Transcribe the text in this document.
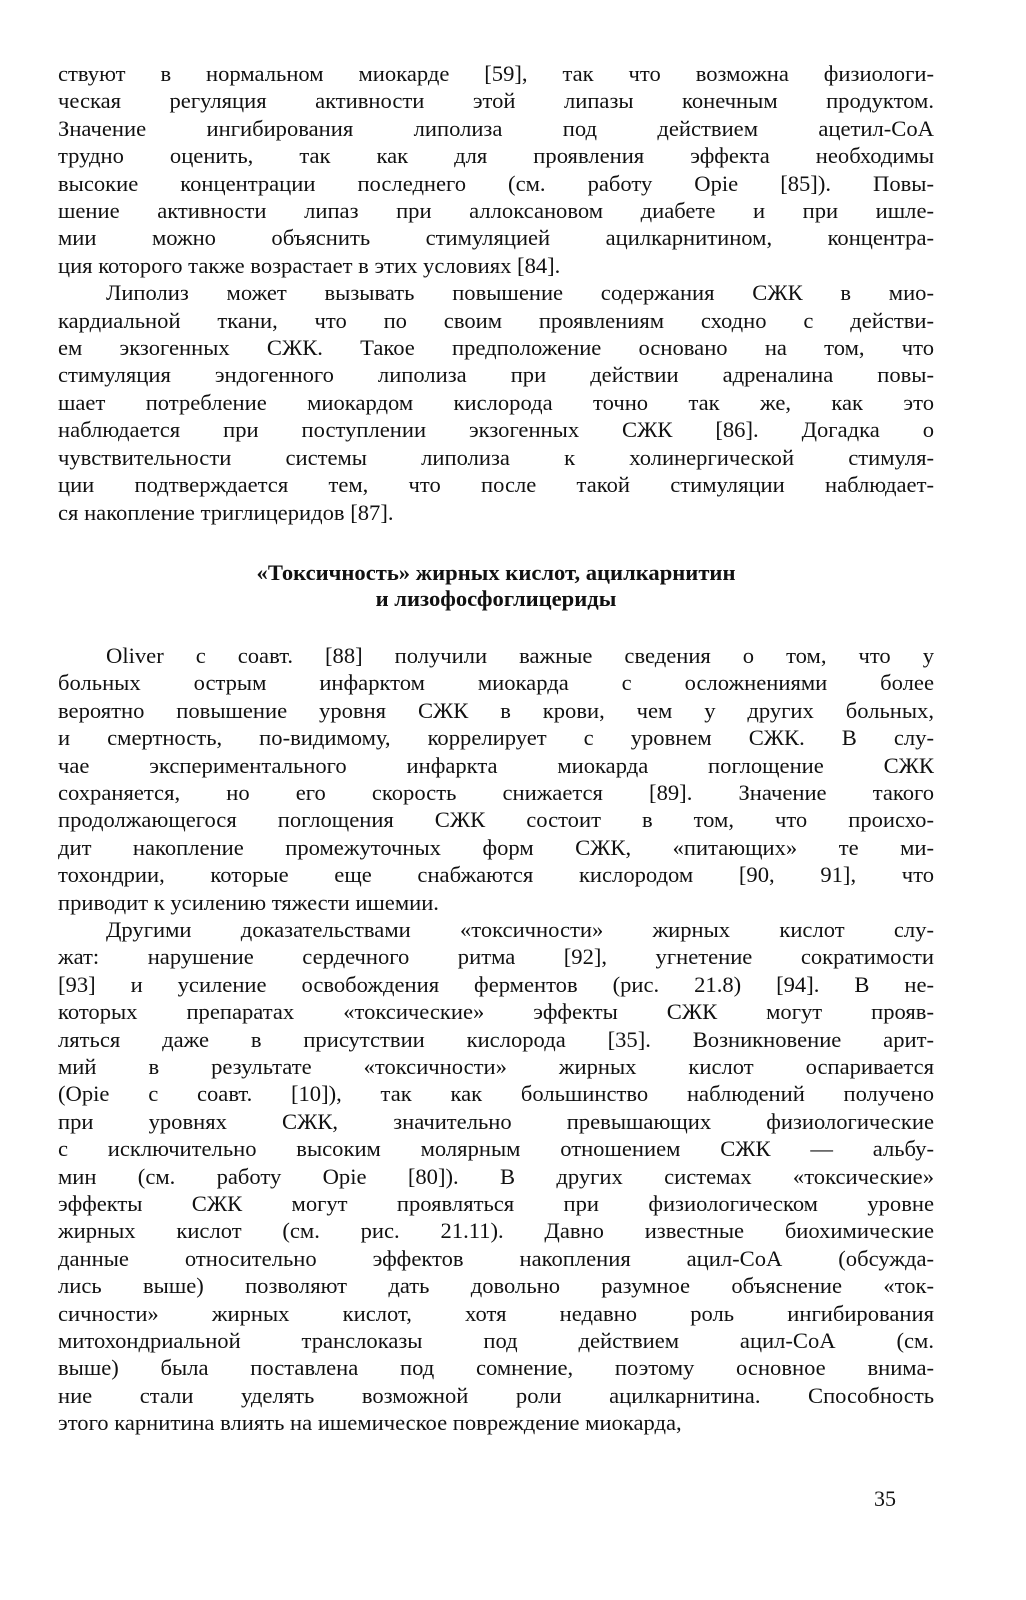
ствуют в нормальном миокарде [59], так что возможна физиологи-
ческая регуляция активности этой липазы конечным продуктом.
Значение ингибирования липолиза под действием ацетил-СоА
трудно оценить, так как для проявления эффекта необходимы
высокие концентрации последнего (см. работу Opie [85]). Повы-
шение активности липаз при аллоксановом диабете и при ишле-
мии можно объяснить стимуляцией ацилкарнитином, концентра-
ция которого также возрастает в этих условиях [84].
Липолиз может вызывать повышение содержания СЖК в мио-
кардиальной ткани, что по своим проявлениям сходно с действи-
ем экзогенных СЖК. Такое предположение основано на том, что
стимуляция эндогенного липолиза при действии адреналина повы-
шает потребление миокардом кислорода точно так же, как это
наблюдается при поступлении экзогенных СЖК [86]. Догадка о
чувствительности системы липолиза к холинергической стимуля-
ции подтверждается тем, что после такой стимуляции наблюдает-
ся накопление триглицеридов [87].
«Токсичность» жирных кислот, ацилкарнитин
и лизофосфоглицериды
Oliver с соавт. [88] получили важные сведения о том, что у
больных острым инфарктом миокарда с осложнениями более
вероятно повышение уровня СЖК в крови, чем у других больных,
и смертность, по-видимому, коррелирует с уровнем СЖК. В слу-
чае экспериментального инфаркта миокарда поглощение СЖК
сохраняется, но его скорость снижается [89]. Значение такого
продолжающегося поглощения СЖК состоит в том, что происхо-
дит накопление промежуточных форм СЖК, «питающих» те ми-
тохондрии, которые еще снабжаются кислородом [90, 91], что
приводит к усилению тяжести ишемии.
Другими доказательствами «токсичности» жирных кислот слу-
жат: нарушение сердечного ритма [92], угнетение сократимости
[93] и усиление освобождения ферментов (рис. 21.8) [94]. В не-
которых препаратах «токсические» эффекты СЖК могут прояв-
ляться даже в присутствии кислорода [35]. Возникновение арит-
мий в результате «токсичности» жирных кислот оспаривается
(Opie с соавт. [10]), так как большинство наблюдений получено
при уровнях СЖК, значительно превышающих физиологические
с исключительно высоким молярным отношением СЖК — альбу-
мин (см. работу Opie [80]). В других системах «токсические»
эффекты СЖК могут проявляться при физиологическом уровне
жирных кислот (см. рис. 21.11). Давно известные биохимические
данные относительно эффектов накопления ацил-СоА (обсужда-
лись выше) позволяют дать довольно разумное объяснение «ток-
сичности» жирных кислот, хотя недавно роль ингибирования
митохондриальной транслоказы под действием ацил-СоА (см.
выше) была поставлена под сомнение, поэтому основное внима-
ние стали уделять возможной роли ацилкарнитина. Способность
этого карнитина влиять на ишемическое повреждение миокарда,
35
